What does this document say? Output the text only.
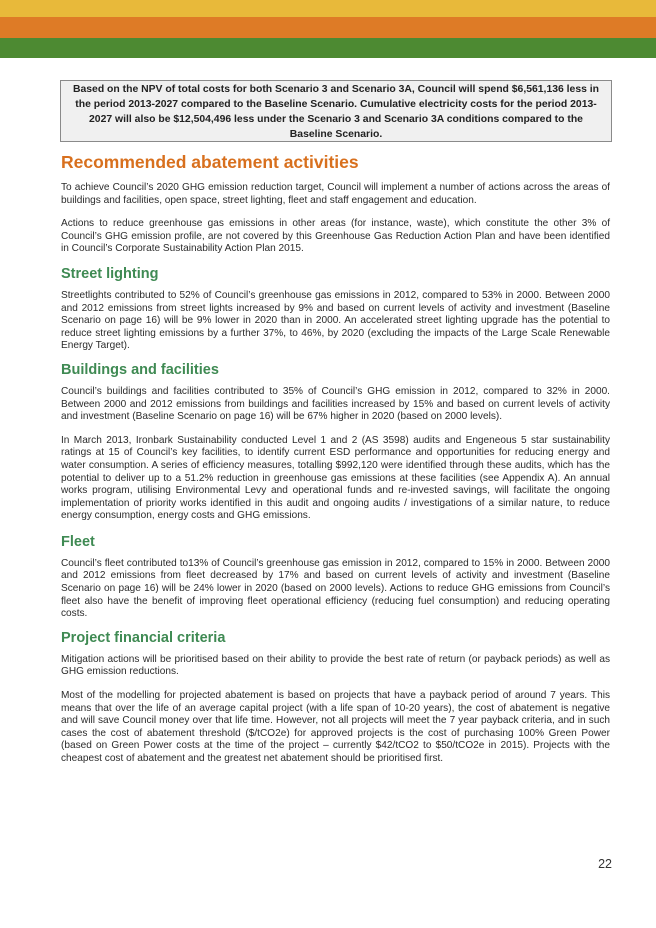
Based on the NPV of total costs for both Scenario 3 and Scenario 3A, Council will spend $6,561,136 less in the period 2013-2027 compared to the Baseline Scenario. Cumulative electricity costs for the period 2013-2027 will also be $12,504,496 less under the Scenario 3 and Scenario 3A conditions compared to the Baseline Scenario.
Recommended abatement activities

To achieve Council’s 2020 GHG emission reduction target, Council will implement a number of actions across the areas of buildings and facilities, open space, street lighting, fleet and staff engagement and education.

Actions to reduce greenhouse gas emissions in other areas (for instance, waste), which constitute the other 3% of Council’s GHG emission profile, are not covered by this Greenhouse Gas Reduction Action Plan and have been identified in Council’s Corporate Sustainability Action Plan 2015.

Street lighting

Streetlights contributed to 52% of Council’s greenhouse gas emissions in 2012, compared to 53% in 2000. Between 2000 and 2012 emissions from street lights increased by 9% and based on current levels of activity and investment (Baseline Scenario on page 16) will be 9% lower in 2020 than in 2000. An accelerated street lighting upgrade has the potential to reduce street lighting emissions by a further 37%, to 46%, by 2020 (excluding the impacts of the Large Scale Renewable Energy Target).

Buildings and facilities

Council’s buildings and facilities contributed to 35% of Council’s GHG emission in 2012, compared to 32% in 2000. Between 2000 and 2012 emissions from buildings and facilities increased by 15% and based on current levels of activity and investment (Baseline Scenario on page 16) will be 67% higher in 2020 (based on 2000 levels).

In March 2013, Ironbark Sustainability conducted Level 1 and 2 (AS 3598) audits and Engeneous 5 star sustainability ratings at 15 of Council’s key facilities, to identify current ESD performance and opportunities for reducing energy and water consumption. A series of efficiency measures, totalling $992,120 were identified through these audits, which has the potential to deliver up to a 51.2% reduction in greenhouse gas emissions at these facilities (see Appendix A). An annual works program, utilising Environmental Levy and operational funds and re-invested savings, will facilitate the ongoing implementation of priority works identified in this audit and ongoing audits / investigations of a similar nature, to reduce energy consumption, energy costs and GHG emissions.

Fleet

Council’s fleet contributed to13% of Council’s greenhouse gas emission in 2012, compared to 15% in 2000. Between 2000 and 2012 emissions from fleet decreased by 17% and based on current levels of activity and investment (Baseline Scenario on page 16) will be 24% lower in 2020 (based on 2000 levels). Actions to reduce GHG emissions from Council’s fleet also have the benefit of improving fleet operational efficiency (reducing fuel consumption) and reducing operating costs.

Project financial criteria

Mitigation actions will be prioritised based on their ability to provide the best rate of return (or payback periods) as well as GHG emission reductions.

Most of the modelling for projected abatement is based on projects that have a payback period of around 7 years. This means that over the life of an average capital project (with a life span of 10-20 years), the cost of abatement is negative and will save Council money over that life time. However, not all projects will meet the 7 year payback criteria, and in such cases the cost of abatement threshold ($/tCO2e) for approved projects is the cost of purchasing 100% Green Power (based on Green Power costs at the time of the project – currently $42/tCO2 to $50/tCO2e in 2015). Projects with the cheapest cost of abatement and the greatest net abatement should be prioritised first.

22
